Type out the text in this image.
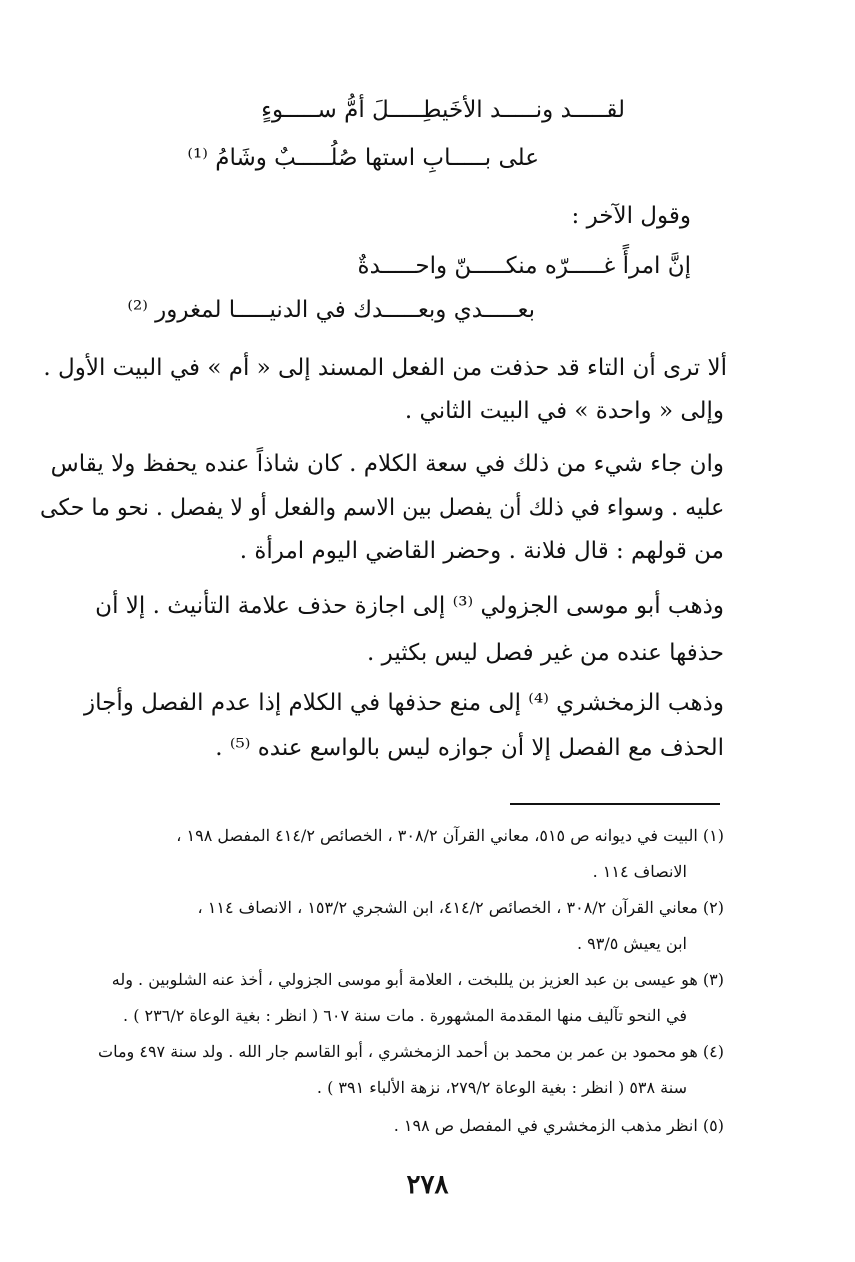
لقـــــد ونـــــد الأخَيطِـــــلَ أمُّ ســـــوءٍ
على بـــــابِ استها صُلُـــــبٌ وشَامُ ⁽¹⁾
وقول الآخر :
إنَّ امرأً غـــــرّه منكـــــنّ واحـــــدةٌ
بعـــــدي وبعـــــدك في الدنيـــــا لمغرور ⁽²⁾
ألا ترى أن التاء قد حذفت من الفعل المسند إلى « أم » في البيت الأول .
وإلى « واحدة » في البيت الثاني .
وان جاء شيء من ذلك في سعة الكلام . كان شاذاً عنده يحفظ ولا يقاس
عليه . وسواء في ذلك أن يفصل بين الاسم والفعل أو لا يفصل . نحو ما حكى
من قولهم : قال فلانة . وحضر القاضي اليوم امرأة .
وذهب أبو موسى الجزولي ⁽³⁾ إلى اجازة حذف علامة التأنيث . إلا أن
حذفها عنده من غير فصل ليس بكثير .
وذهب الزمخشري ⁽⁴⁾ إلى منع حذفها في الكلام إذا عدم الفصل وأجاز
الحذف مع الفصل إلا أن جوازه ليس بالواسع عنده ⁽⁵⁾ .
(١) البيت في ديوانه ص ٥١٥، معاني القرآن ٣٠٨/٢ ، الخصائص ٤١٤/٢ المفصل ١٩٨ ،
الانصاف ١١٤ .
(٢) معاني القرآن ٣٠٨/٢ ، الخصائص ٤١٤/٢، ابن الشجري ١٥٣/٢ ، الانصاف ١١٤ ،
ابن يعيش ٩٣/٥ .
(٣) هو عيسى بن عبد العزيز بن يللبخت ، العلامة أبو موسى الجزولي ، أخذ عنه الشلوبين . وله
في النحو تآليف منها المقدمة المشهورة . مات سنة ٦٠٧ ( انظر : بغية الوعاة ٢٣٦/٢ ) .
(٤) هو محمود بن عمر بن محمد بن أحمد الزمخشري ، أبو القاسم جار الله . ولد سنة ٤٩٧ ومات
سنة ٥٣٨ ( انظر : بغية الوعاة ٢٧٩/٢، نزهة الألباء ٣٩١ ) .
(٥) انظر مذهب الزمخشري في المفصل ص ١٩٨ .
٢٧٨
